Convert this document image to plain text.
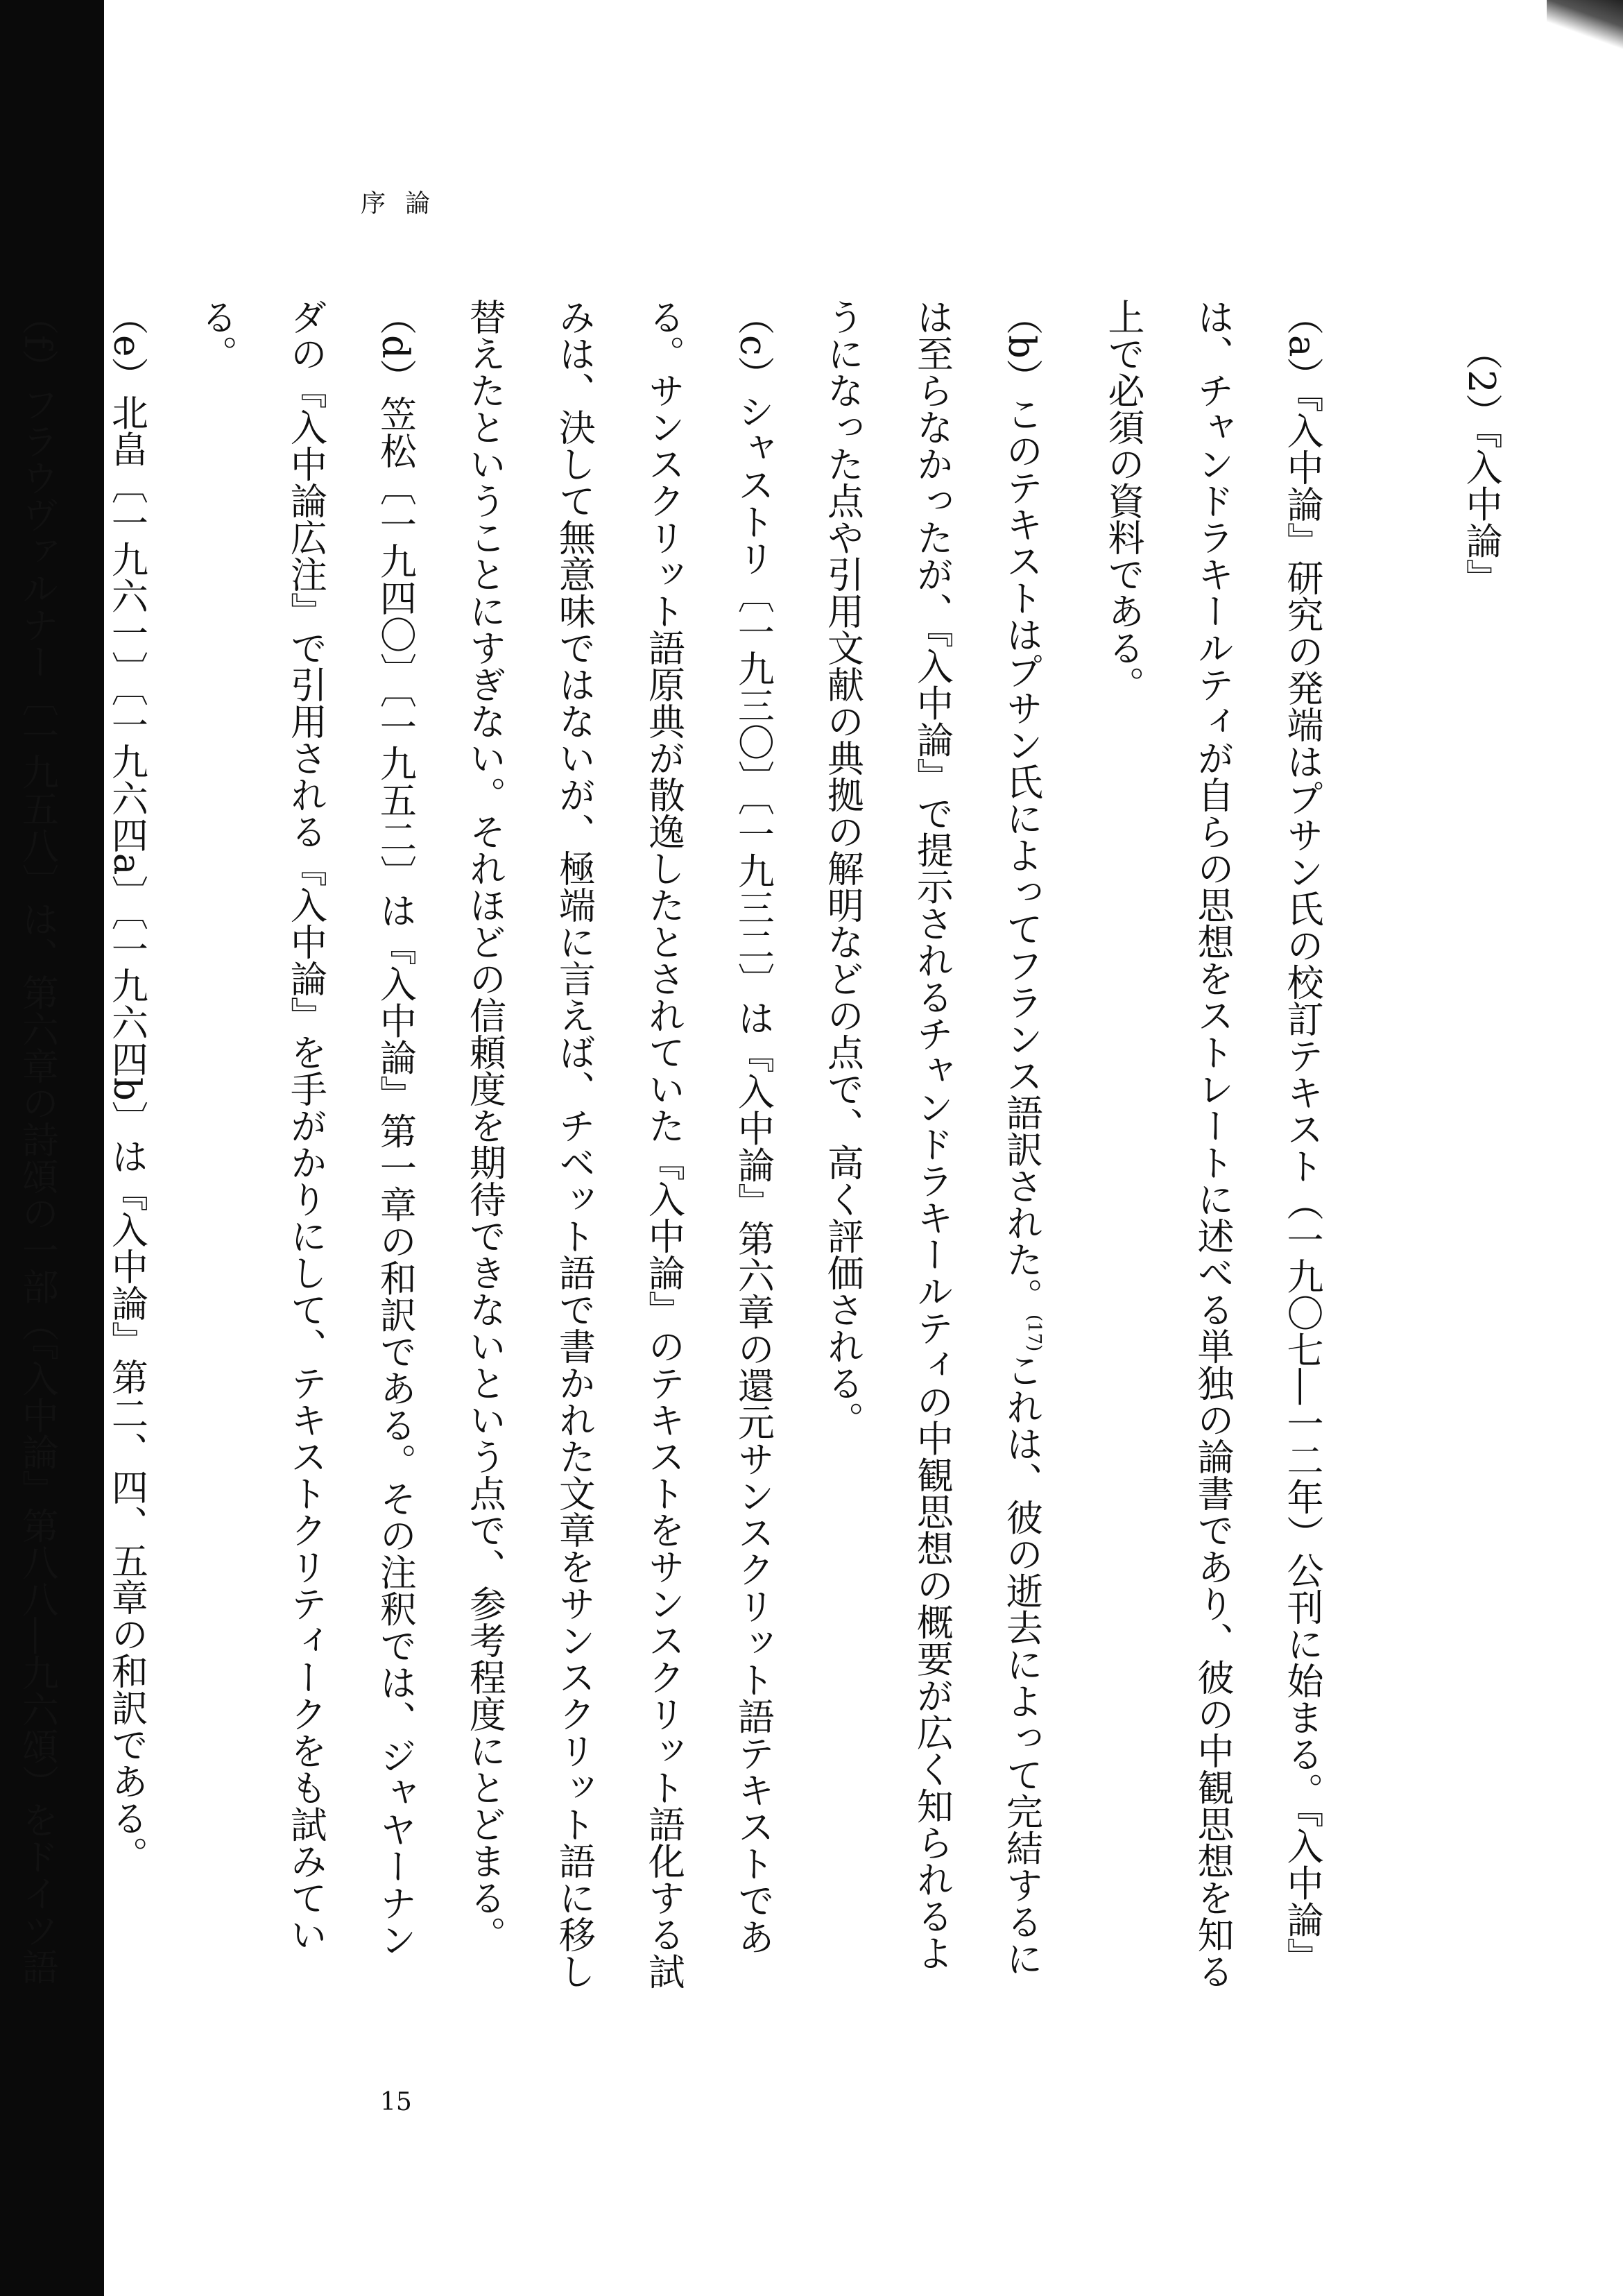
序論
（2）『入中論』
（a）『入中論』研究の発端はプサン氏の校訂テキスト（一九〇七―一二年）公刊に始まる。『入中論』は、チャンドラキールティが自らの思想をストレートに述べる単独の論書であり、彼の中観思想を知る上で必須の資料である。
（b）このテキストはプサン氏によってフランス語訳された。$^{(17)}$これは、彼の逝去によって完結するには至らなかったが、『入中論』で提示されるチャンドラキールティの中観思想の概要が広く知られるようになった点や引用文献の典拠の解明などの点で、高く評価される。
（c）シャストリ〔一九三〇〕〔一九三二〕は『入中論』第六章の還元サンスクリット語テキストである。サンスクリット語原典が散逸したとされていた『入中論』のテキストをサンスクリット語化する試みは、決して無意味ではないが、極端に言えば、チベット語で書かれた文章をサンスクリット語に移し替えたということにすぎない。それほどの信頼度を期待できないという点で、参考程度にとどまる。
（d）笠松〔一九四〇〕〔一九五二〕は『入中論』第一章の和訳である。その注釈では、ジャヤーナンダの『入中論広注』で引用される『入中論』を手がかりにして、テキストクリティークをも試みている。
（e）北畠〔一九六一〕〔一九六四a〕〔一九六四b〕は『入中論』第二、四、五章の和訳である。
（f）フラウヴァルナー〔一九五八〕は、第六章の詩頌の一部（『入中論』第八八―九六頌）をドイツ語
15
